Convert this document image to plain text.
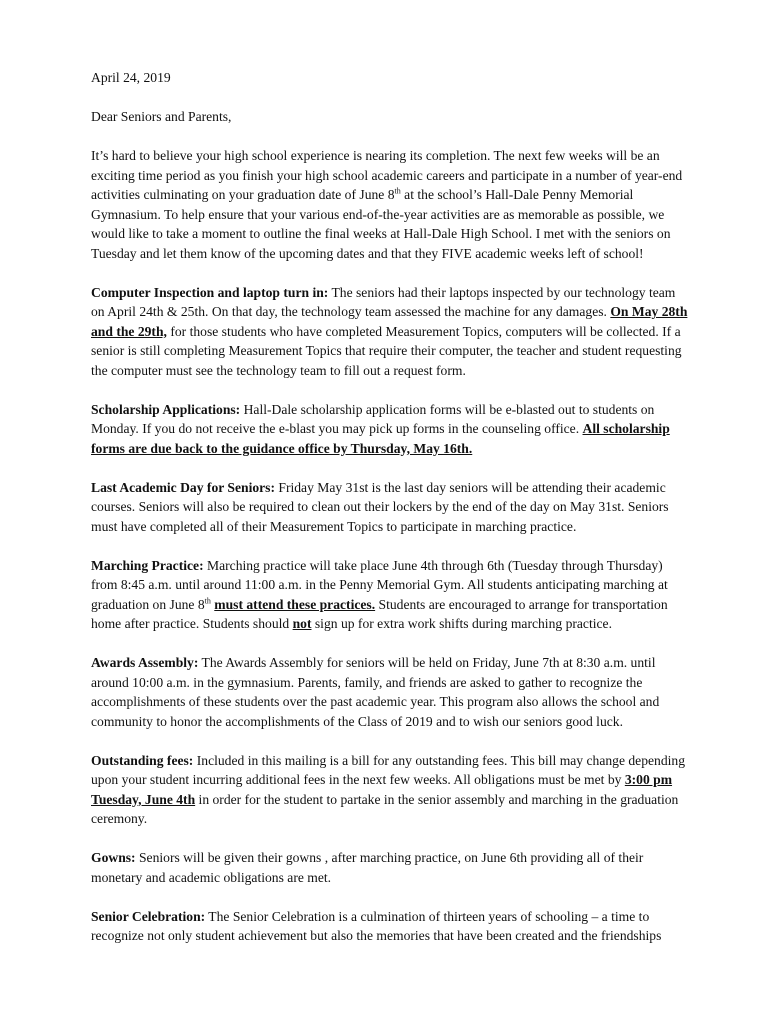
April 24, 2019
Dear Seniors and Parents,

It’s hard to believe your high school experience is nearing its completion. The next few weeks will be an exciting time period as you finish your high school academic careers and participate in a number of year-end activities culminating on your graduation date of June 8th at the school’s Hall-Dale Penny Memorial Gymnasium. To help ensure that your various end-of-the-year activities are as memorable as possible, we would like to take a moment to outline the final weeks at Hall-Dale High School. I met with the seniors on Tuesday and let them know of the upcoming dates and that they FIVE academic weeks left of school!

Computer Inspection and laptop turn in: The seniors had their laptops inspected by our technology team on April 24th & 25th. On that day, the technology team assessed the machine for any damages. On May 28th and the 29th, for those students who have completed Measurement Topics, computers will be collected. If a senior is still completing Measurement Topics that require their computer, the teacher and student requesting the computer must see the technology team to fill out a request form.

Scholarship Applications: Hall-Dale scholarship application forms will be e-blasted out to students on Monday. If you do not receive the e-blast you may pick up forms in the counseling office. All scholarship forms are due back to the guidance office by Thursday, May 16th.

Last Academic Day for Seniors: Friday May 31st is the last day seniors will be attending their academic courses. Seniors will also be required to clean out their lockers by the end of the day on May 31st. Seniors must have completed all of their Measurement Topics to participate in marching practice.

Marching Practice: Marching practice will take place June 4th through 6th (Tuesday through Thursday) from 8:45 a.m. until around 11:00 a.m. in the Penny Memorial Gym. All students anticipating marching at graduation on June 8th must attend these practices. Students are encouraged to arrange for transportation home after practice. Students should not sign up for extra work shifts during marching practice.

Awards Assembly: The Awards Assembly for seniors will be held on Friday, June 7th at 8:30 a.m. until around 10:00 a.m. in the gymnasium. Parents, family, and friends are asked to gather to recognize the accomplishments of these students over the past academic year. This program also allows the school and community to honor the accomplishments of the Class of 2019 and to wish our seniors good luck.

Outstanding fees: Included in this mailing is a bill for any outstanding fees. This bill may change depending upon your student incurring additional fees in the next few weeks. All obligations must be met by 3:00 pm Tuesday, June 4th in order for the student to partake in the senior assembly and marching in the graduation ceremony.

Gowns: Seniors will be given their gowns , after marching practice, on June 6th providing all of their monetary and academic obligations are met.

Senior Celebration: The Senior Celebration is a culmination of thirteen years of schooling – a time to recognize not only student achievement but also the memories that have been created and the friendships
